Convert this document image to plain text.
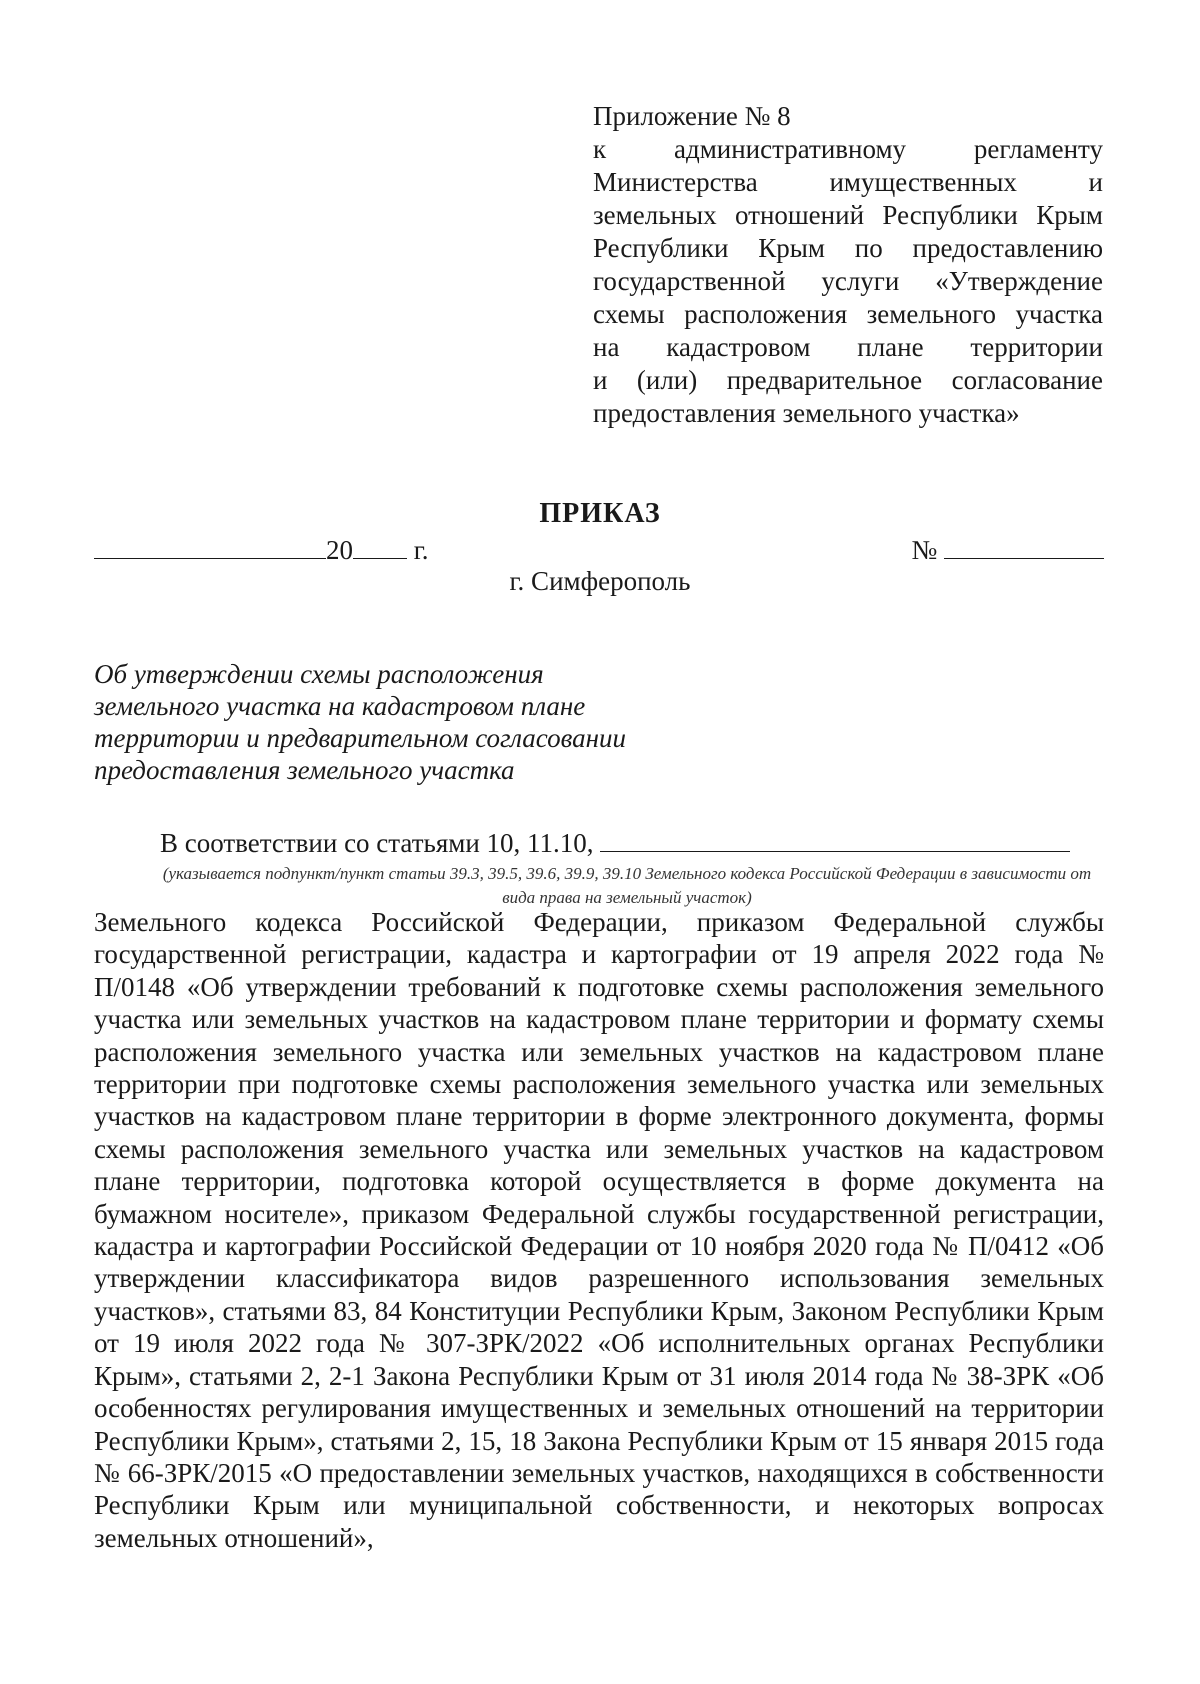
Приложение № 8
к административному регламенту
Министерства имущественных и
земельных отношений Республики Крым
Республики Крым по предоставлению
государственной услуги «Утверждение
схемы расположения земельного участка
на кадастровом плане территории
и (или) предварительное согласование
предоставления земельного участка»
ПРИКАЗ
20 г.	№
г. Симферополь
Об утверждении схемы расположения
земельного участка на кадастровом плане
территории и предварительном согласовании
предоставления земельного участка
В соответствии со статьями 10, 11.10,
(указывается подпункт/пункт статьи 39.3, 39.5, 39.6, 39.9, 39.10 Земельного кодекса Российской Федерации в зависимости от вида права на земельный участок)
Земельного кодекса Российской Федерации, приказом Федеральной службы государственной регистрации, кадастра и картографии от 19 апреля 2022 года № П/0148 «Об утверждении требований к подготовке схемы расположения земельного участка или земельных участков на кадастровом плане территории и формату схемы расположения земельного участка или земельных участков на кадастровом плане территории при подготовке схемы расположения земельного участка или земельных участков на кадастровом плане территории в форме электронного документа, формы схемы расположения земельного участка или земельных участков на кадастровом плане территории, подготовка которой осуществляется в форме документа на бумажном носителе», приказом Федеральной службы государственной регистрации, кадастра и картографии Российской Федерации от 10 ноября 2020 года № П/0412 «Об утверждении классификатора видов разрешенного использования земельных участков», статьями 83, 84 Конституции Республики Крым, Законом Республики Крым от 19 июля 2022 года № 307-ЗРК/2022 «Об исполнительных органах Республики Крым», статьями 2, 2-1 Закона Республики Крым от 31 июля 2014 года № 38-ЗРК «Об особенностях регулирования имущественных и земельных отношений на территории Республики Крым», статьями 2, 15, 18 Закона Республики Крым от 15 января 2015 года № 66-ЗРК/2015 «О предоставлении земельных участков, находящихся в собственности Республики Крым или муниципальной собственности, и некоторых вопросах земельных отношений»,
